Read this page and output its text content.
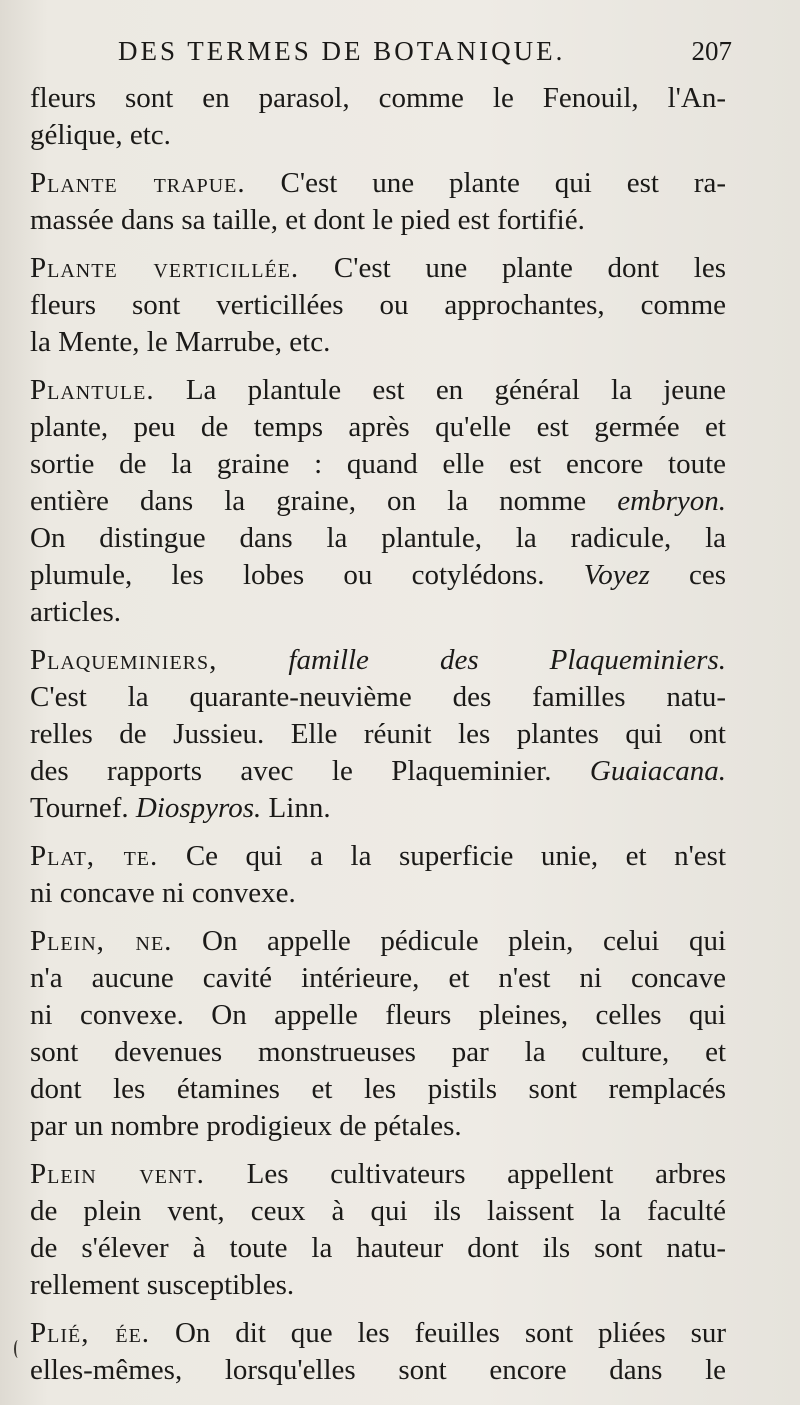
DES TERMES DE BOTANIQUE.	207
fleurs sont en parasol, comme le Fenouil, l'An-
gélique, etc.
Plante trapue. C'est une plante qui est ra-
massée dans sa taille, et dont le pied est fortifié.
Plante verticillée. C'est une plante dont les
fleurs sont verticillées ou approchantes, comme
la Mente, le Marrube, etc.
Plantule. La plantule est en général la jeune
plante, peu de temps après qu'elle est germée et
sortie de la graine : quand elle est encore toute
entière dans la graine, on la nomme embryon.
On distingue dans la plantule, la radicule, la
plumule, les lobes ou cotylédons. Voyez ces
articles.
Plaqueminiers, famille des Plaqueminiers.
C'est la quarante-neuvième des familles natu-
relles de Jussieu. Elle réunit les plantes qui ont
des rapports avec le Plaqueminier. Guaiacana.
Tournef. Diospyros. Linn.
Plat, te. Ce qui a la superficie unie, et n'est
ni concave ni convexe.
Plein, ne. On appelle pédicule plein, celui qui
n'a aucune cavité intérieure, et n'est ni concave
ni convexe. On appelle fleurs pleines, celles qui
sont devenues monstrueuses par la culture, et
dont les étamines et les pistils sont remplacés
par un nombre prodigieux de pétales.
Plein vent. Les cultivateurs appellent arbres
de plein vent, ceux à qui ils laissent la faculté
de s'élever à toute la hauteur dont ils sont natu-
rellement susceptibles.
Plié, ée. On dit que les feuilles sont pliées sur
elles-mêmes, lorsqu'elles sont encore dans le
